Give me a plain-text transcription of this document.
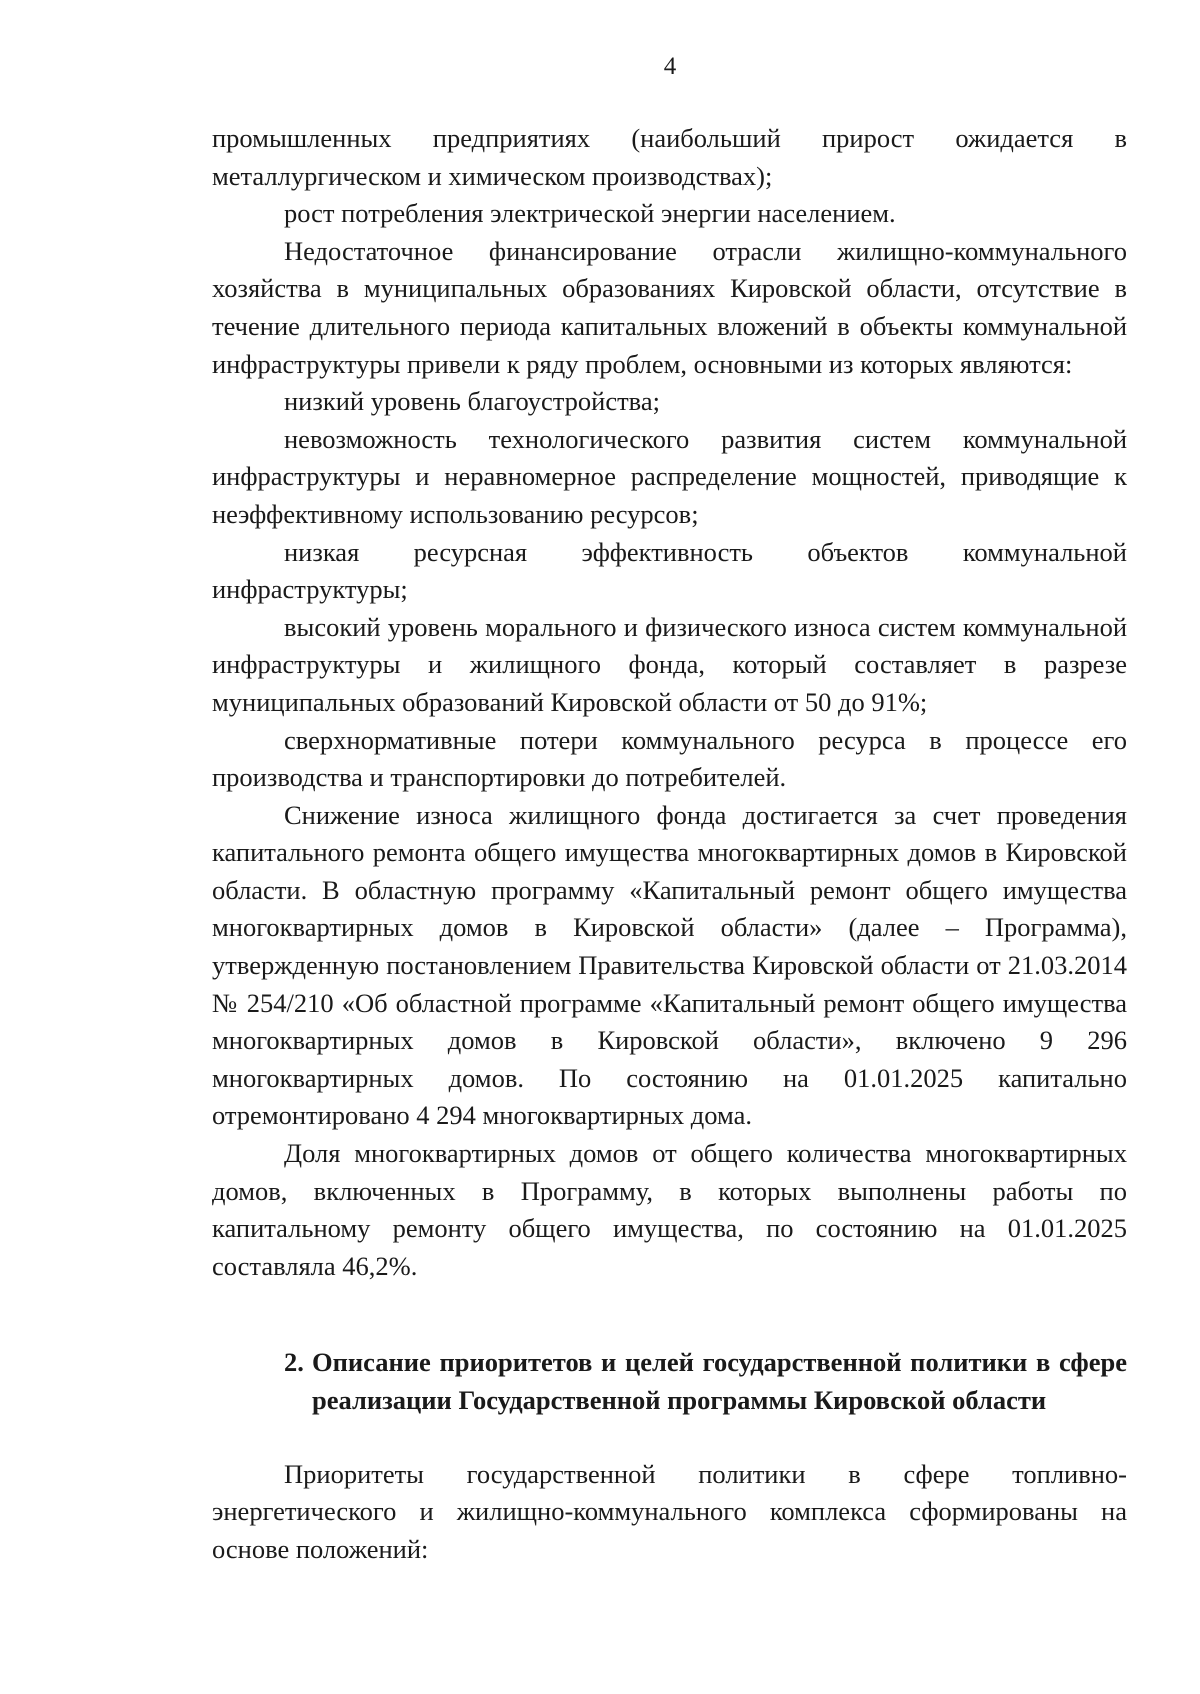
4

промышленных предприятиях (наибольший прирост ожидается в металлургическом и химическом производствах);

рост потребления электрической энергии населением.

Недостаточное финансирование отрасли жилищно-коммунального хозяйства в муниципальных образованиях Кировской области, отсутствие в течение длительного периода капитальных вложений в объекты коммунальной инфраструктуры привели к ряду проблем, основными из которых являются:

низкий уровень благоустройства;

невозможность технологического развития систем коммунальной инфраструктуры и неравномерное распределение мощностей, приводящие к неэффективному использованию ресурсов;

низкая ресурсная эффективность объектов коммунальной инфраструктуры;

высокий уровень морального и физического износа систем коммунальной инфраструктуры и жилищного фонда, который составляет в разрезе муниципальных образований Кировской области от 50 до 91%;

сверхнормативные потери коммунального ресурса в процессе его производства и транспортировки до потребителей.

Снижение износа жилищного фонда достигается за счет проведения капитального ремонта общего имущества многоквартирных домов в Кировской области. В областную программу «Капитальный ремонт общего имущества многоквартирных домов в Кировской области» (далее – Программа), утвержденную постановлением Правительства Кировской области от 21.03.2014 № 254/210 «Об областной программе «Капитальный ремонт общего имущества многоквартирных домов в Кировской области», включено 9 296 многоквартирных домов. По состоянию на 01.01.2025 капитально отремонтировано 4 294 многоквартирных дома.

Доля многоквартирных домов от общего количества многоквартирных домов, включенных в Программу, в которых выполнены работы по капитальному ремонту общего имущества, по состоянию на 01.01.2025 составляла 46,2%.

2. Описание приоритетов и целей государственной политики в сфере реализации Государственной программы Кировской области

Приоритеты государственной политики в сфере топливно-энергетического и жилищно-коммунального комплекса сформированы на основе положений:
